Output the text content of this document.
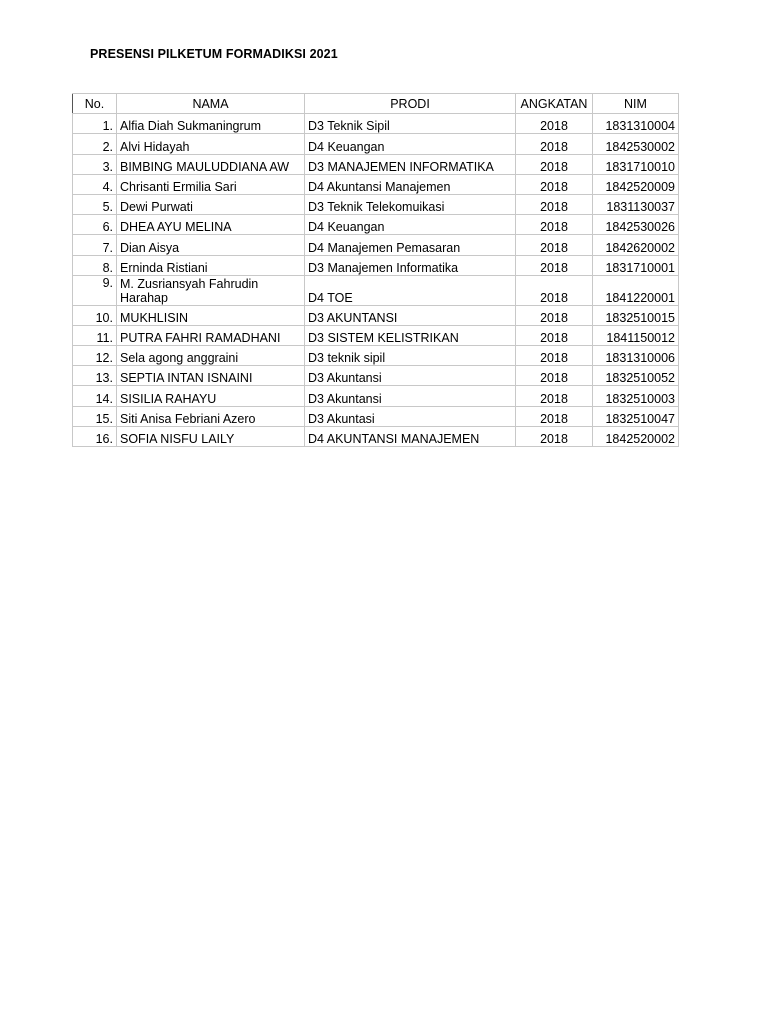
PRESENSI PILKETUM FORMADIKSI 2021
No.	NAMA	PRODI	ANGKATAN	NIM
1.	Alfia Diah Sukmaningrum	D3 Teknik Sipil	2018	1831310004
2.	Alvi Hidayah	D4 Keuangan	2018	1842530002
3.	BIMBING MAULUDDIANA AW	D3 MANAJEMEN INFORMATIKA	2018	1831710010
4.	Chrisanti Ermilia Sari	D4 Akuntansi Manajemen	2018	1842520009
5.	Dewi Purwati	D3 Teknik Telekomuikasi	2018	1831130037
6.	DHEA AYU MELINA	D4 Keuangan	2018	1842530026
7.	Dian Aisya	D4 Manajemen Pemasaran	2018	1842620002
8.	Erninda Ristiani	D3 Manajemen Informatika	2018	1831710001
9.	M. Zusriansyah Fahrudin Harahap	D4 TOE	2018	1841220001
10.	MUKHLISIN	D3 AKUNTANSI	2018	1832510015
11.	PUTRA FAHRI RAMADHANI	D3 SISTEM KELISTRIKAN	2018	1841150012
12.	Sela agong anggraini	D3 teknik sipil	2018	1831310006
13.	SEPTIA INTAN ISNAINI	D3 Akuntansi	2018	1832510052
14.	SISILIA RAHAYU	D3 Akuntansi	2018	1832510003
15.	Siti Anisa Febriani Azero	D3 Akuntasi	2018	1832510047
16.	SOFIA NISFU LAILY	D4 AKUNTANSI MANAJEMEN	2018	1842520002
